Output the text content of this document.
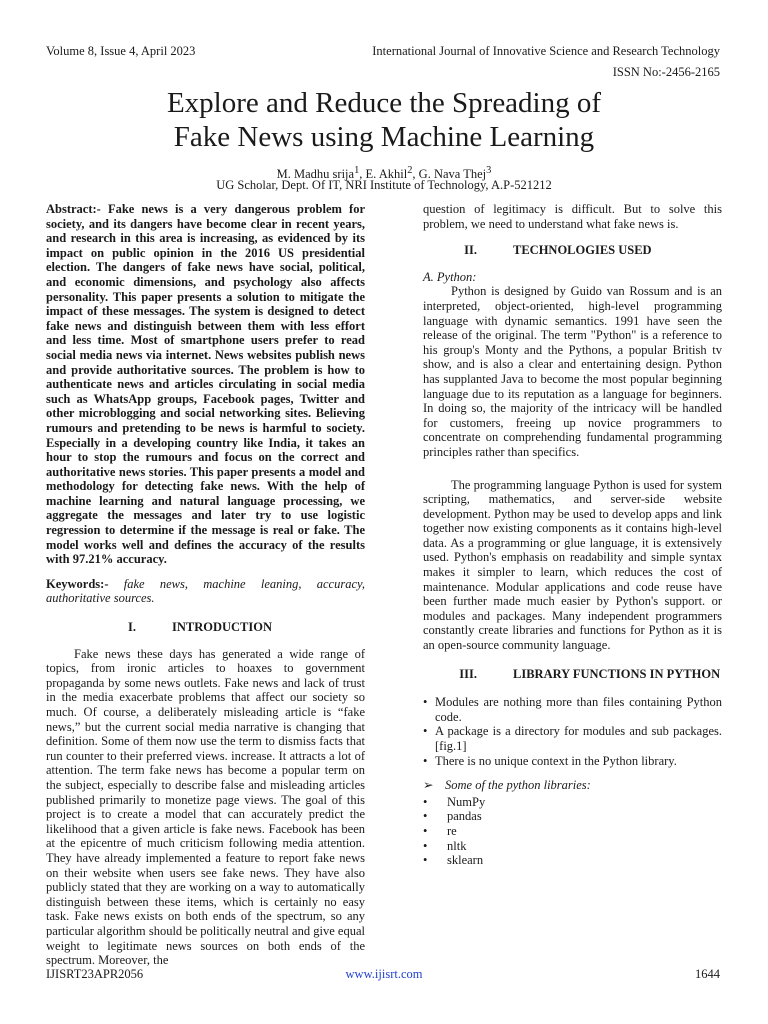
Volume 8, Issue 4, April 2023	International Journal of Innovative Science and Research Technology
ISSN No:-2456-2165
Explore and Reduce the Spreading of
Fake News using Machine Learning
M. Madhu srija$^1$, E. Akhil$^2$, G. Nava Thej$^3$
UG Scholar, Dept. Of IT, NRI Institute of Technology, A.P-521212

Abstract:- Fake news is a very dangerous problem for society, and its dangers have become clear in recent years, and research in this area is increasing, as evidenced by its impact on public opinion in the 2016 US presidential election. The dangers of fake news have social, political, and economic dimensions, and psychology also affects personality. This paper presents a solution to mitigate the impact of these messages. The system is designed to detect fake news and distinguish between them with less effort and less time. Most of smartphone users prefer to read social media news via internet. News websites publish news and provide authoritative sources. The problem is how to authenticate news and articles circulating in social media such as WhatsApp groups, Facebook pages, Twitter and other microblogging and social networking sites. Believing rumours and pretending to be news is harmful to society. Especially in a developing country like India, it takes an hour to stop the rumours and focus on the correct and authoritative news stories. This paper presents a model and methodology for detecting fake news. With the help of machine learning and natural language processing, we aggregate the messages and later try to use logistic regression to determine if the message is real or fake. The model works well and defines the accuracy of the results with 97.21% accuracy.

Keywords:- fake news, machine leaning, accuracy, authoritative sources.

I.	INTRODUCTION

Fake news these days has generated a wide range of topics, from ironic articles to hoaxes to government propaganda by some news outlets. Fake news and lack of trust in the media exacerbate problems that affect our society so much. Of course, a deliberately misleading article is “fake news,” but the current social media narrative is changing that definition. Some of them now use the term to dismiss facts that run counter to their preferred views. increase. It attracts a lot of attention. The term fake news has become a popular term on the subject, especially to describe false and misleading articles published primarily to monetize page views. The goal of this project is to create a model that can accurately predict the likelihood that a given article is fake news. Facebook has been at the epicentre of much criticism following media attention. They have already implemented a feature to report fake news on their website when users see fake news. They have also publicly stated that they are working on a way to automatically distinguish between these items, which is certainly no easy task. Fake news exists on both ends of the spectrum, so any particular algorithm should be politically neutral and give equal weight to legitimate news sources on both ends of the spectrum. Moreover, the

question of legitimacy is difficult. But to solve this problem, we need to understand what fake news is.

II.	TECHNOLOGIES USED

A. Python:

Python is designed by Guido van Rossum and is an interpreted, object-oriented, high-level programming language with dynamic semantics. 1991 have seen the release of the original. The term "Python" is a reference to his group's Monty and the Pythons, a popular British tv show, and is also a clear and entertaining design. Python has supplanted Java to become the most popular beginning language due to its reputation as a language for beginners. In doing so, the majority of the intricacy will be handled for customers, freeing up novice programmers to concentrate on comprehending fundamental programming principles rather than specifics.

The programming language Python is used for system scripting, mathematics, and server-side website development. Python may be used to develop apps and link together now existing components as it contains high-level data. As a programming or glue language, it is extensively used. Python's emphasis on readability and simple syntax makes it simpler to learn, which reduces the cost of maintenance. Modular applications and code reuse have been further made much easier by Python's support. or modules and packages. Many independent programmers constantly create libraries and functions for Python as it is an open-source community language.

III.	LIBRARY FUNCTIONS IN PYTHON
• Modules are nothing more than files containing Python code.
• A package is a directory for modules and sub packages. [fig.1]
• There is no unique context in the Python library.
➢ Some of the python libraries:
•	NumPy
•	pandas
•	re
•	nltk
•	sklearn
IJISRT23APR2056	www.ijisrt.com	1644
